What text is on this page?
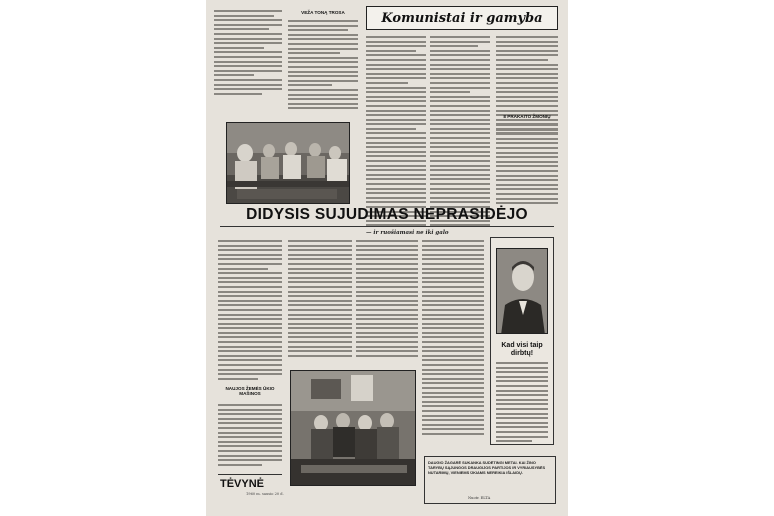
VEŽA TONĄ TROSA	Komunistai ir gamyba
8 PRAKAITO ŽMONIŲ
DIDYSIS SUJUDIMAS NEPRASIDĖJO
— ir ruošiamasi ne iki galo
NAUJOS ŽEMĖS ŪKIO MAŠINOS
Kad visi taip dirbtų!
DAUGIO ŽAGARĖ SUKANKA SUDĖTINGI METAI. KAI ŽINO TARYBŲ SĄJUNGOS DRAUGIJOS PARTIJOS IR VYRIAUSYBĖS NUTARIMŲ, VIENIEMS ŪKIAMS NEREIKIA IŠLAIDŲ.
Nuotr. ELTA
TĖVYNĖ
1960 m. sausio 20 d.
